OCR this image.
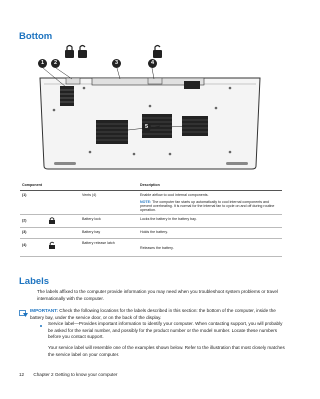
Bottom
1	2	3	4
5
Component		Description
(1)	Vents (4)	Enable airflow to cool internal components.
NOTE: The computer fan starts up automatically to cool internal components and prevent overheating. It is normal for the internal fan to cycle on and off during routine operation.

(2)	Battery lock	Locks the battery in the battery bay.
(3)	Battery bay	Holds the battery.
(4)	Battery release latch	Releases the battery.
Labels
The labels affixed to the computer provide information you may need when you troubleshoot system problems or travel internationally with the computer.
IMPORTANT: Check the following locations for the labels described in this section: the bottom of the computer, inside the battery bay, under the service door, or on the back of the display.
Service label—Provides important information to identify your computer. When contacting support, you will probably be asked for the serial number, and possibly for the product number or the model number. Locate these numbers before you contact support.
Your service label will resemble one of the examples shown below. Refer to the illustration that most closely matches the service label on your computer.
12 Chapter 2 Getting to know your computer
